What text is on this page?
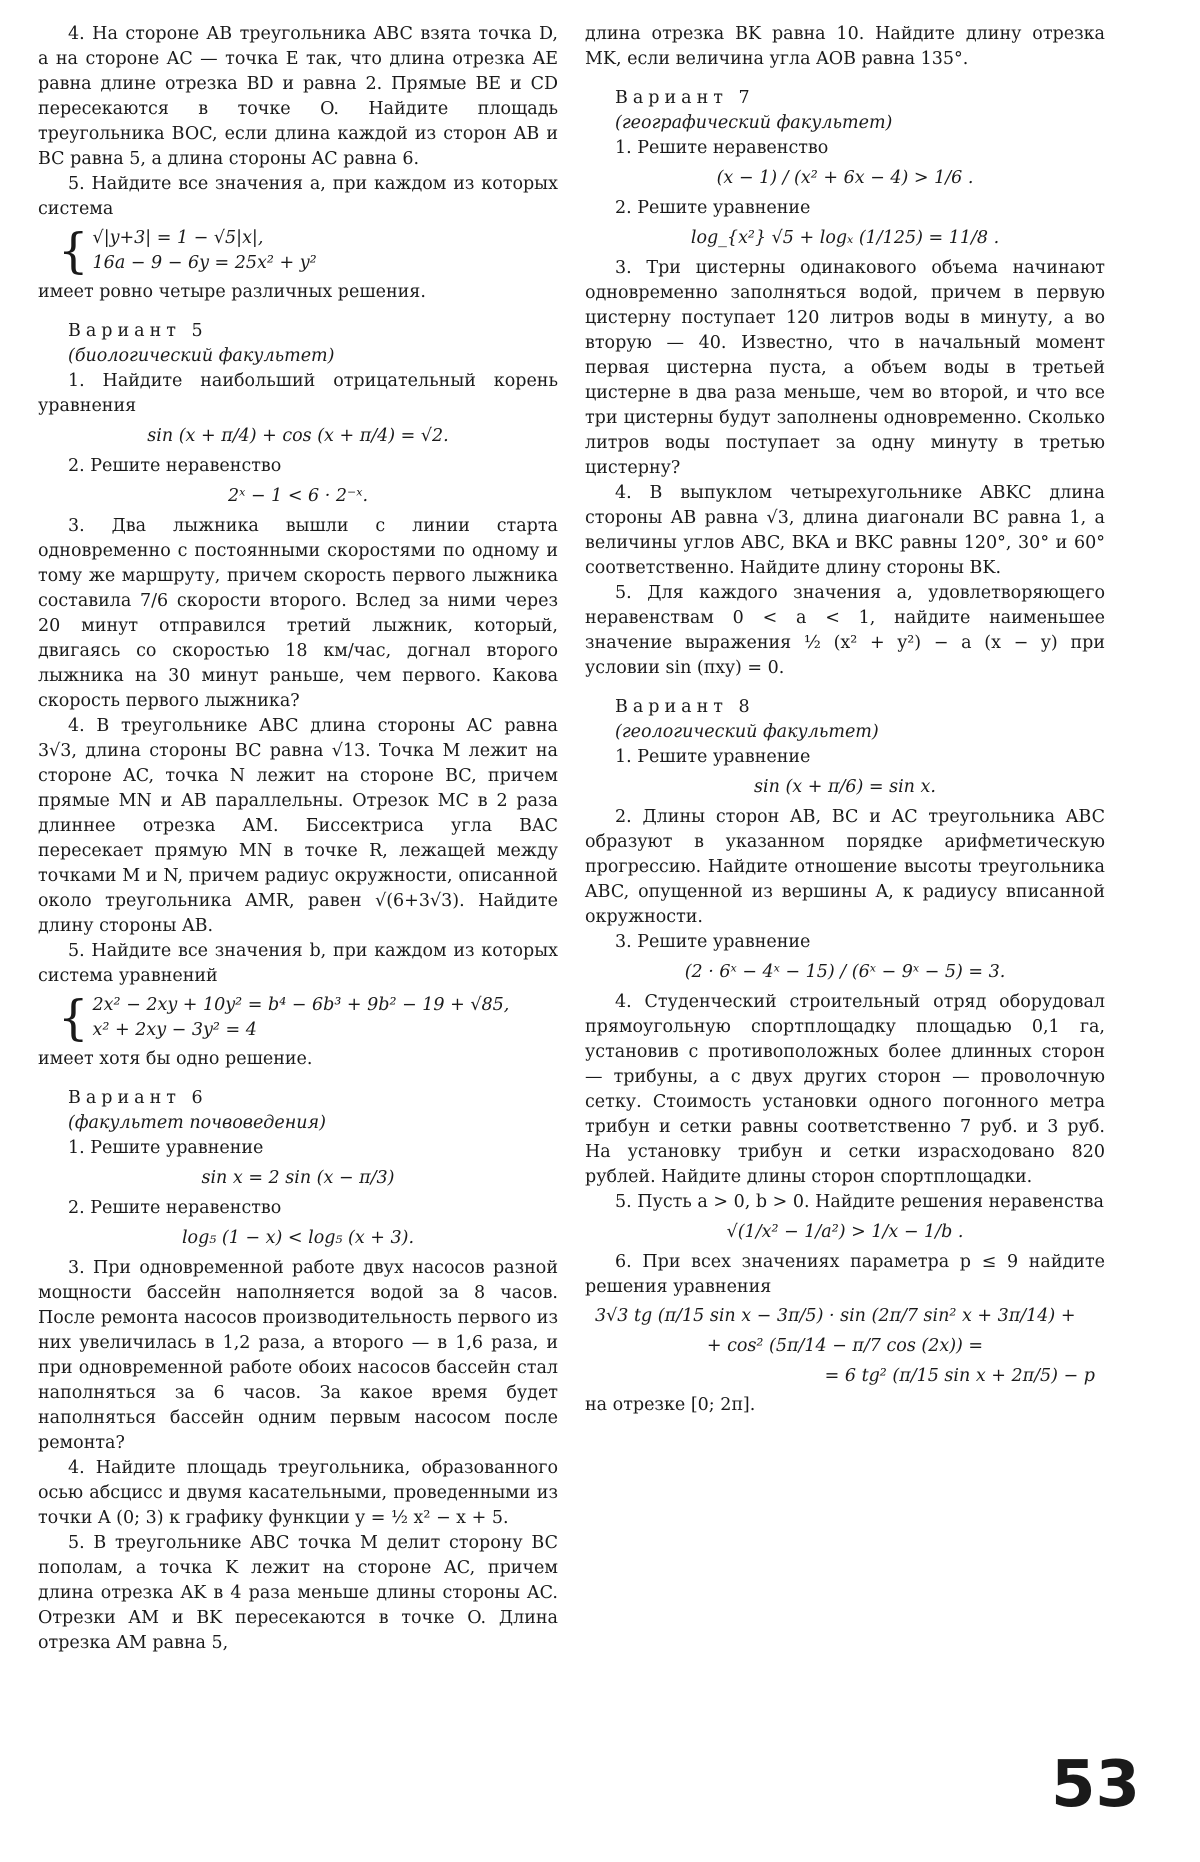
4. На стороне AB треугольника ABC взята точка D, а на стороне AC — точка E так, что длина отрезка AE равна длине отрезка BD и равна 2. Прямые BE и CD пересекаются в точке O. Найдите площадь треугольника BOC, если длина каждой из сторон AB и BC равна 5, а длина стороны AC равна 6.

5. Найдите все значения a, при каждом из которых система

{ √|y+3| = 1 − √5|x|,
16a − 9 − 6y = 25x² + y²

имеет ровно четыре различных решения.

Вариант 5
(биологический факультет)

1. Найдите наибольший отрицательный корень уравнения

sin (x + π/4) + cos (x + π/4) = √2.

2. Решите неравенство

2ˣ − 1 < 6 · 2⁻ˣ.

3. Два лыжника вышли с линии старта одновременно с постоянными скоростями по одному и тому же маршруту, причем скорость первого лыжника составила 7/6 скорости второго. Вслед за ними через 20 минут отправился третий лыжник, который, двигаясь со скоростью 18 км/час, догнал второго лыжника на 30 минут раньше, чем первого. Какова скорость первого лыжника?

4. В треугольнике ABC длина стороны AC равна 3√3, длина стороны BC равна √13. Точка M лежит на стороне AC, точка N лежит на стороне BC, причем прямые MN и AB параллельны. Отрезок MC в 2 раза длиннее отрезка AM. Биссектриса угла BAC пересекает прямую MN в точке R, лежащей между точками M и N, причем радиус окружности, описанной около треугольника AMR, равен √(6+3√3). Найдите длину стороны AB.

5. Найдите все значения b, при каждом из которых система уравнений

{ 2x² − 2xy + 10y² = b⁴ − 6b³ + 9b² − 19 + √85,
x² + 2xy − 3y² = 4

имеет хотя бы одно решение.

Вариант 6
(факультет почвоведения)

1. Решите уравнение

sin x = 2 sin (x − π/3)

2. Решите неравенство

log₅ (1 − x) < log₅ (x + 3).

3. При одновременной работе двух насосов разной мощности бассейн наполняется водой за 8 часов. После ремонта насосов производительность первого из них увеличилась в 1,2 раза, а второго — в 1,6 раза, и при одновременной работе обоих насосов бассейн стал наполняться за 6 часов. За какое время будет наполняться бассейн одним первым насосом после ремонта?

4. Найдите площадь треугольника, образованного осью абсцисс и двумя касательными, проведенными из точки A (0; 3) к графику функции y = ½ x² − x + 5.

5. В треугольнике ABC точка M делит сторону BC пополам, а точка K лежит на стороне AC, причем длина отрезка AK в 4 раза меньше длины стороны AC. Отрезки AM и BK пересекаются в точке O. Длина отрезка AM равна 5,

длина отрезка BK равна 10. Найдите длину отрезка MK, если величина угла AOB равна 135°.

Вариант 7
(географический факультет)

1. Решите неравенство

(x − 1) / (x² + 6x − 4) > 1/6 .

2. Решите уравнение

log_{x²} √5 + logₓ (1/125) = 11/8 .

3. Три цистерны одинакового объема начинают одновременно заполняться водой, причем в первую цистерну поступает 120 литров воды в минуту, а во вторую — 40. Известно, что в начальный момент первая цистерна пуста, а объем воды в третьей цистерне в два раза меньше, чем во второй, и что все три цистерны будут заполнены одновременно. Сколько литров воды поступает за одну минуту в третью цистерну?

4. В выпуклом четырехугольнике ABKC длина стороны AB равна √3, длина диагонали BC равна 1, а величины углов ABC, BKA и BKC равны 120°, 30° и 60° соответственно. Найдите длину стороны BK.

5. Для каждого значения a, удовлетворяющего неравенствам 0 < a < 1, найдите наименьшее значение выражения ½ (x² + y²) − a (x − y) при условии sin (πxy) = 0.

Вариант 8
(геологический факультет)

1. Решите уравнение

sin (x + π/6) = sin x.

2. Длины сторон AB, BC и AC треугольника ABC образуют в указанном порядке арифметическую прогрессию. Найдите отношение высоты треугольника ABC, опущенной из вершины A, к радиусу вписанной окружности.

3. Решите уравнение

(2 · 6ˣ − 4ˣ − 15) / (6ˣ − 9ˣ − 5) = 3.

4. Студенческий строительный отряд оборудовал прямоугольную спортплощадку площадью 0,1 га, установив с противоположных более длинных сторон — трибуны, а с двух других сторон — проволочную сетку. Стоимость установки одного погонного метра трибун и сетки равны соответственно 7 руб. и 3 руб. На установку трибун и сетки израсходовано 820 рублей. Найдите длины сторон спортплощадки.

5. Пусть a > 0, b > 0. Найдите решения неравенства

√(1/x² − 1/a²) > 1/x − 1/b .

6. При всех значениях параметра p ≤ 9 найдите решения уравнения

3√3 tg (π/15 sin x − 3π/5) · sin (2π/7 sin² x + 3π/14) +
+ cos² (5π/14 − π/7 cos (2x)) =
= 6 tg² (π/15 sin x + 2π/5) − p

на отрезке [0; 2π].

53
